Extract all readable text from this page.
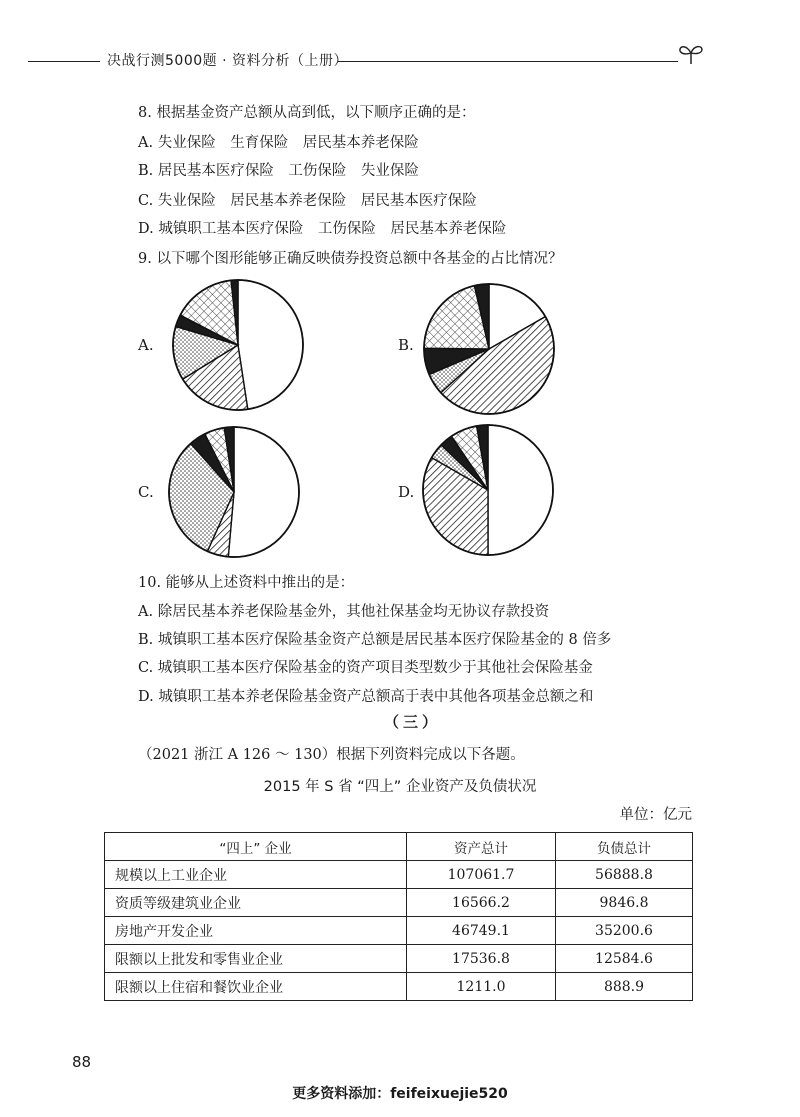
决战行测5000题 · 资料分析（上册）
8. 根据基金资产总额从高到低，以下顺序正确的是：
A. 失业保险　生育保险　居民基本养老保险
B. 居民基本医疗保险　工伤保险　失业保险
C. 失业保险　居民基本养老保险　居民基本医疗保险
D. 城镇职工基本医疗保险　工伤保险　居民基本养老保险
9. 以下哪个图形能够正确反映债券投资总额中各基金的占比情况？
A.	B.
C.	D.
10. 能够从上述资料中推出的是：
A. 除居民基本养老保险基金外，其他社保基金均无协议存款投资
B. 城镇职工基本医疗保险基金资产总额是居民基本医疗保险基金的 8 倍多
C. 城镇职工基本医疗保险基金的资产项目类型数少于其他社会保险基金
D. 城镇职工基本养老保险基金资产总额高于表中其他各项基金总额之和
（三）
（2021 浙江 A 126 ～ 130）根据下列资料完成以下各题。
2015 年 S 省 “四上” 企业资产及负债状况
单位：亿元
“四上” 企业	资产总计	负债总计
规模以上工业企业	107061.7	56888.8
资质等级建筑业企业	16566.2	9846.8
房地产开发企业	46749.1	35200.6
限额以上批发和零售业企业	17536.8	12584.6
限额以上住宿和餐饮业企业	1211.0	888.9
88
更多资料添加：feifeixuejie520
